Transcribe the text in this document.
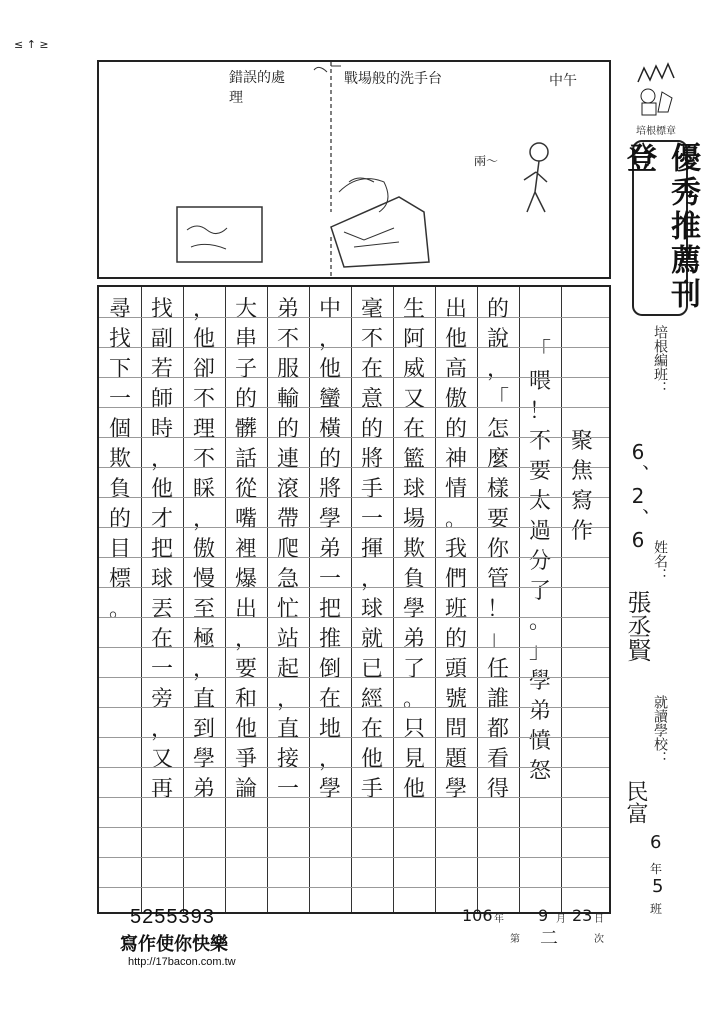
≤ ↑ ≥
錯誤的處理
戰場般的洗手台	中午
兩～
培根標章
優秀推薦刊登
培根編班：
6、2、6
姓名：
張丞賢
就讀學校：
民富
6
年
5
班
聚
焦
寫
作
「
喂
！
不
要
太
過
分
了
。
」
學
弟
憤
怒
的
說
，
「
怎
麼
樣
要
你
管
！
」
任
誰
都
看
得
出
他
高
傲
的
神
情
。
我
們
班
的
頭
號
問
題
學
生
阿
威
又
在
籃
球
場
欺
負
學
弟
了
。
只
見
他
毫
不
在
意
的
將
手
一
揮
，
球
就
已
經
在
他
手
中
，
他
蠻
橫
的
將
學
弟
一
把
推
倒
在
地
，
學
弟
不
服
輸
的
連
滾
帶
爬
急
忙
站
起
，
直
接
一
大
串
子
的
髒
話
從
嘴
裡
爆
出
，
要
和
他
爭
論
，
他
卻
不
理
不
睬
，
傲
慢
至
極
，
直
到
學
弟
找
副
若
師
時
，
他
才
把
球
丟
在
一
旁
，
又
再
尋
找
下
一
個
欺
負
的
目
標
。
5255393
寫作使你快樂
http://17bacon.com.tw
106 年 9 月 23 日
第 二	次
